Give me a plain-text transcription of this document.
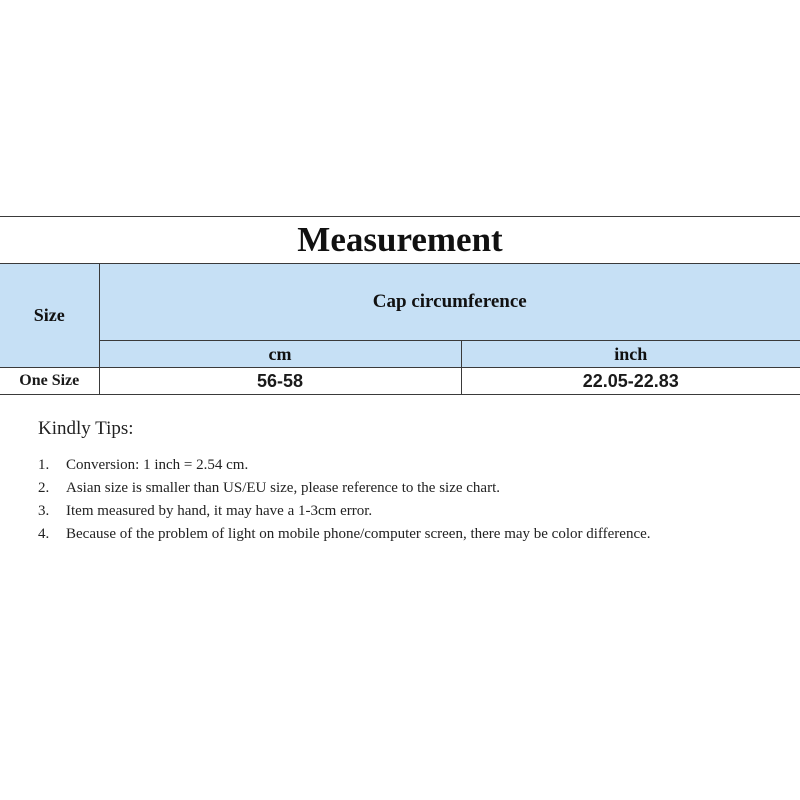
Measurement		
Size	Cap circumference	
	cm	inch
One Size	56-58	22.05-22.83
Kindly Tips:
1.	Conversion: 1 inch = 2.54 cm.
2.	Asian size is smaller than US/EU size, please reference to the size chart.
3.	Item measured by hand, it may have a 1-3cm error.
4.	Because of the problem of light on mobile phone/computer screen, there may be color difference.
